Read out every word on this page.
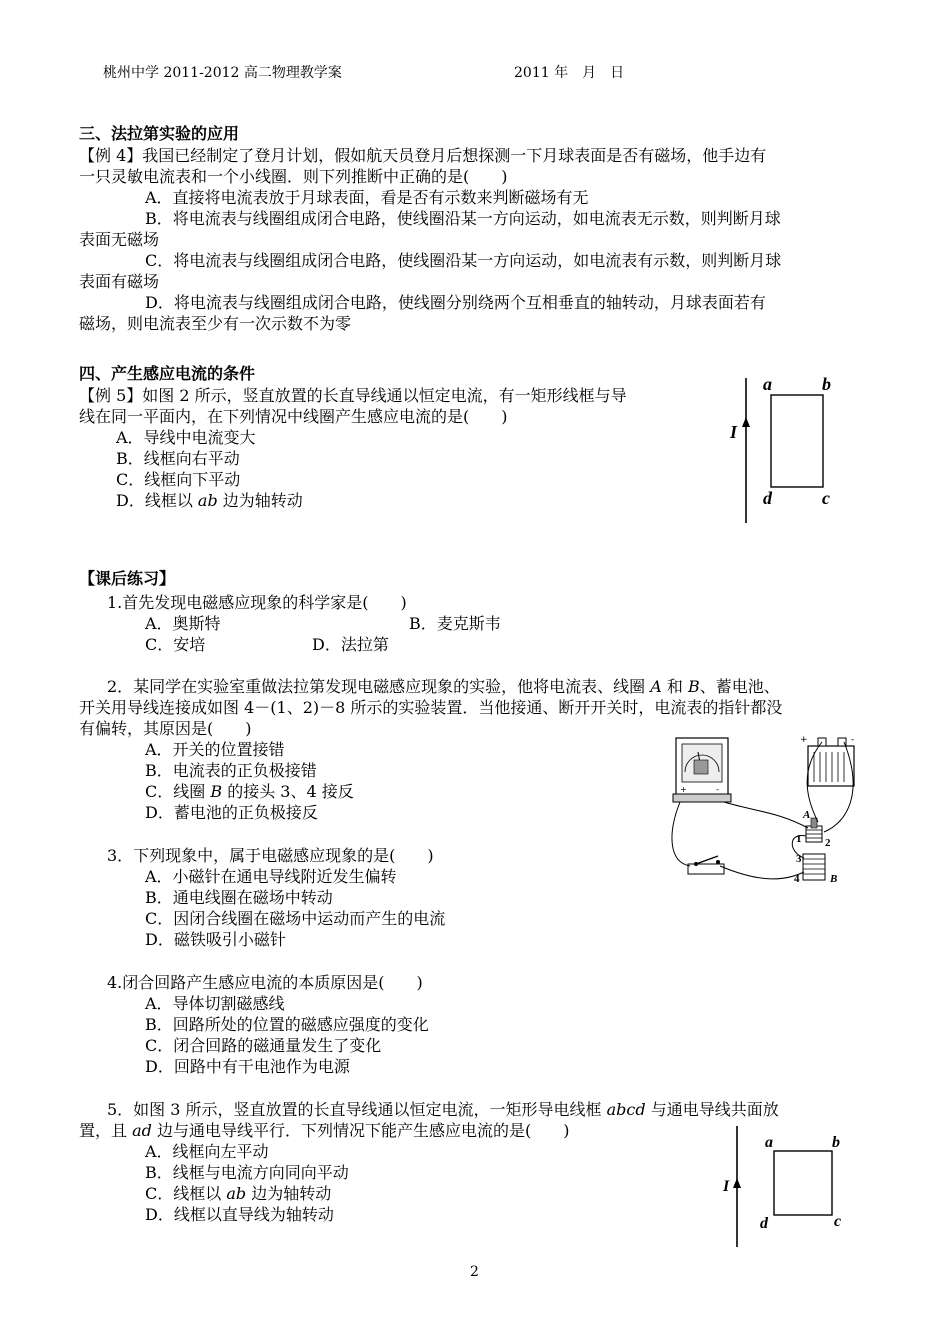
桃州中学 2011-2012 高二物理教学案	2011 年　月　日
三、法拉第实验的应用
【例 4】我国已经制定了登月计划，假如航天员登月后想探测一下月球表面是否有磁场，他手边有
一只灵敏电流表和一个小线圈．则下列推断中正确的是(　　)
A．直接将电流表放于月球表面，看是否有示数来判断磁场有无
B．将电流表与线圈组成闭合电路，使线圈沿某一方向运动，如电流表无示数，则判断月球
表面无磁场
C．将电流表与线圈组成闭合电路，使线圈沿某一方向运动，如电流表有示数，则判断月球
表面有磁场
D．将电流表与线圈组成闭合电路，使线圈分别绕两个互相垂直的轴转动，月球表面若有
磁场，则电流表至少有一次示数不为零
四、产生感应电流的条件
【例 5】如图 2 所示，竖直放置的长直导线通以恒定电流，有一矩形线框与导
线在同一平面内，在下列情况中线圈产生感应电流的是(　　)
A．导线中电流变大
B．线框向右平动
C．线框向下平动
D．线框以 ab 边为轴转动
I
a	b
d	c
【课后练习】
1.首先发现电磁感应现象的科学家是(　　)
A．奥斯特	B．麦克斯韦
C．安培	D．法拉第
2．某同学在实验室重做法拉第发现电磁感应现象的实验，他将电流表、线圈 A 和 B、蓄电池、
开关用导线连接成如图 4－(1、2)－8 所示的实验装置．当他接通、断开开关时，电流表的指针都没
有偏转，其原因是(　　)
A．开关的位置接错
B．电流表的正负极接错
C．线圈 B 的接头 3、4 接反
D．蓄电池的正负极接反
+	-
+	-
A
B
1 2
3
4
3．下列现象中，属于电磁感应现象的是(　　)
A．小磁针在通电导线附近发生偏转
B．通电线圈在磁场中转动
C．因闭合线圈在磁场中运动而产生的电流
D．磁铁吸引小磁针
4.闭合回路产生感应电流的本质原因是(　　)
A．导体切割磁感线
B．回路所处的位置的磁感应强度的变化
C．闭合回路的磁通量发生了变化
D．回路中有干电池作为电源
5．如图 3 所示，竖直放置的长直导线通以恒定电流，一矩形导电线框 abcd 与通电导线共面放
置，且 ad 边与通电导线平行．下列情况下能产生感应电流的是(　　)
A．线框向左平动
B．线框与电流方向同向平动
C．线框以 ab 边为轴转动
D．线框以直导线为轴转动
I
a	b
d	c
2
